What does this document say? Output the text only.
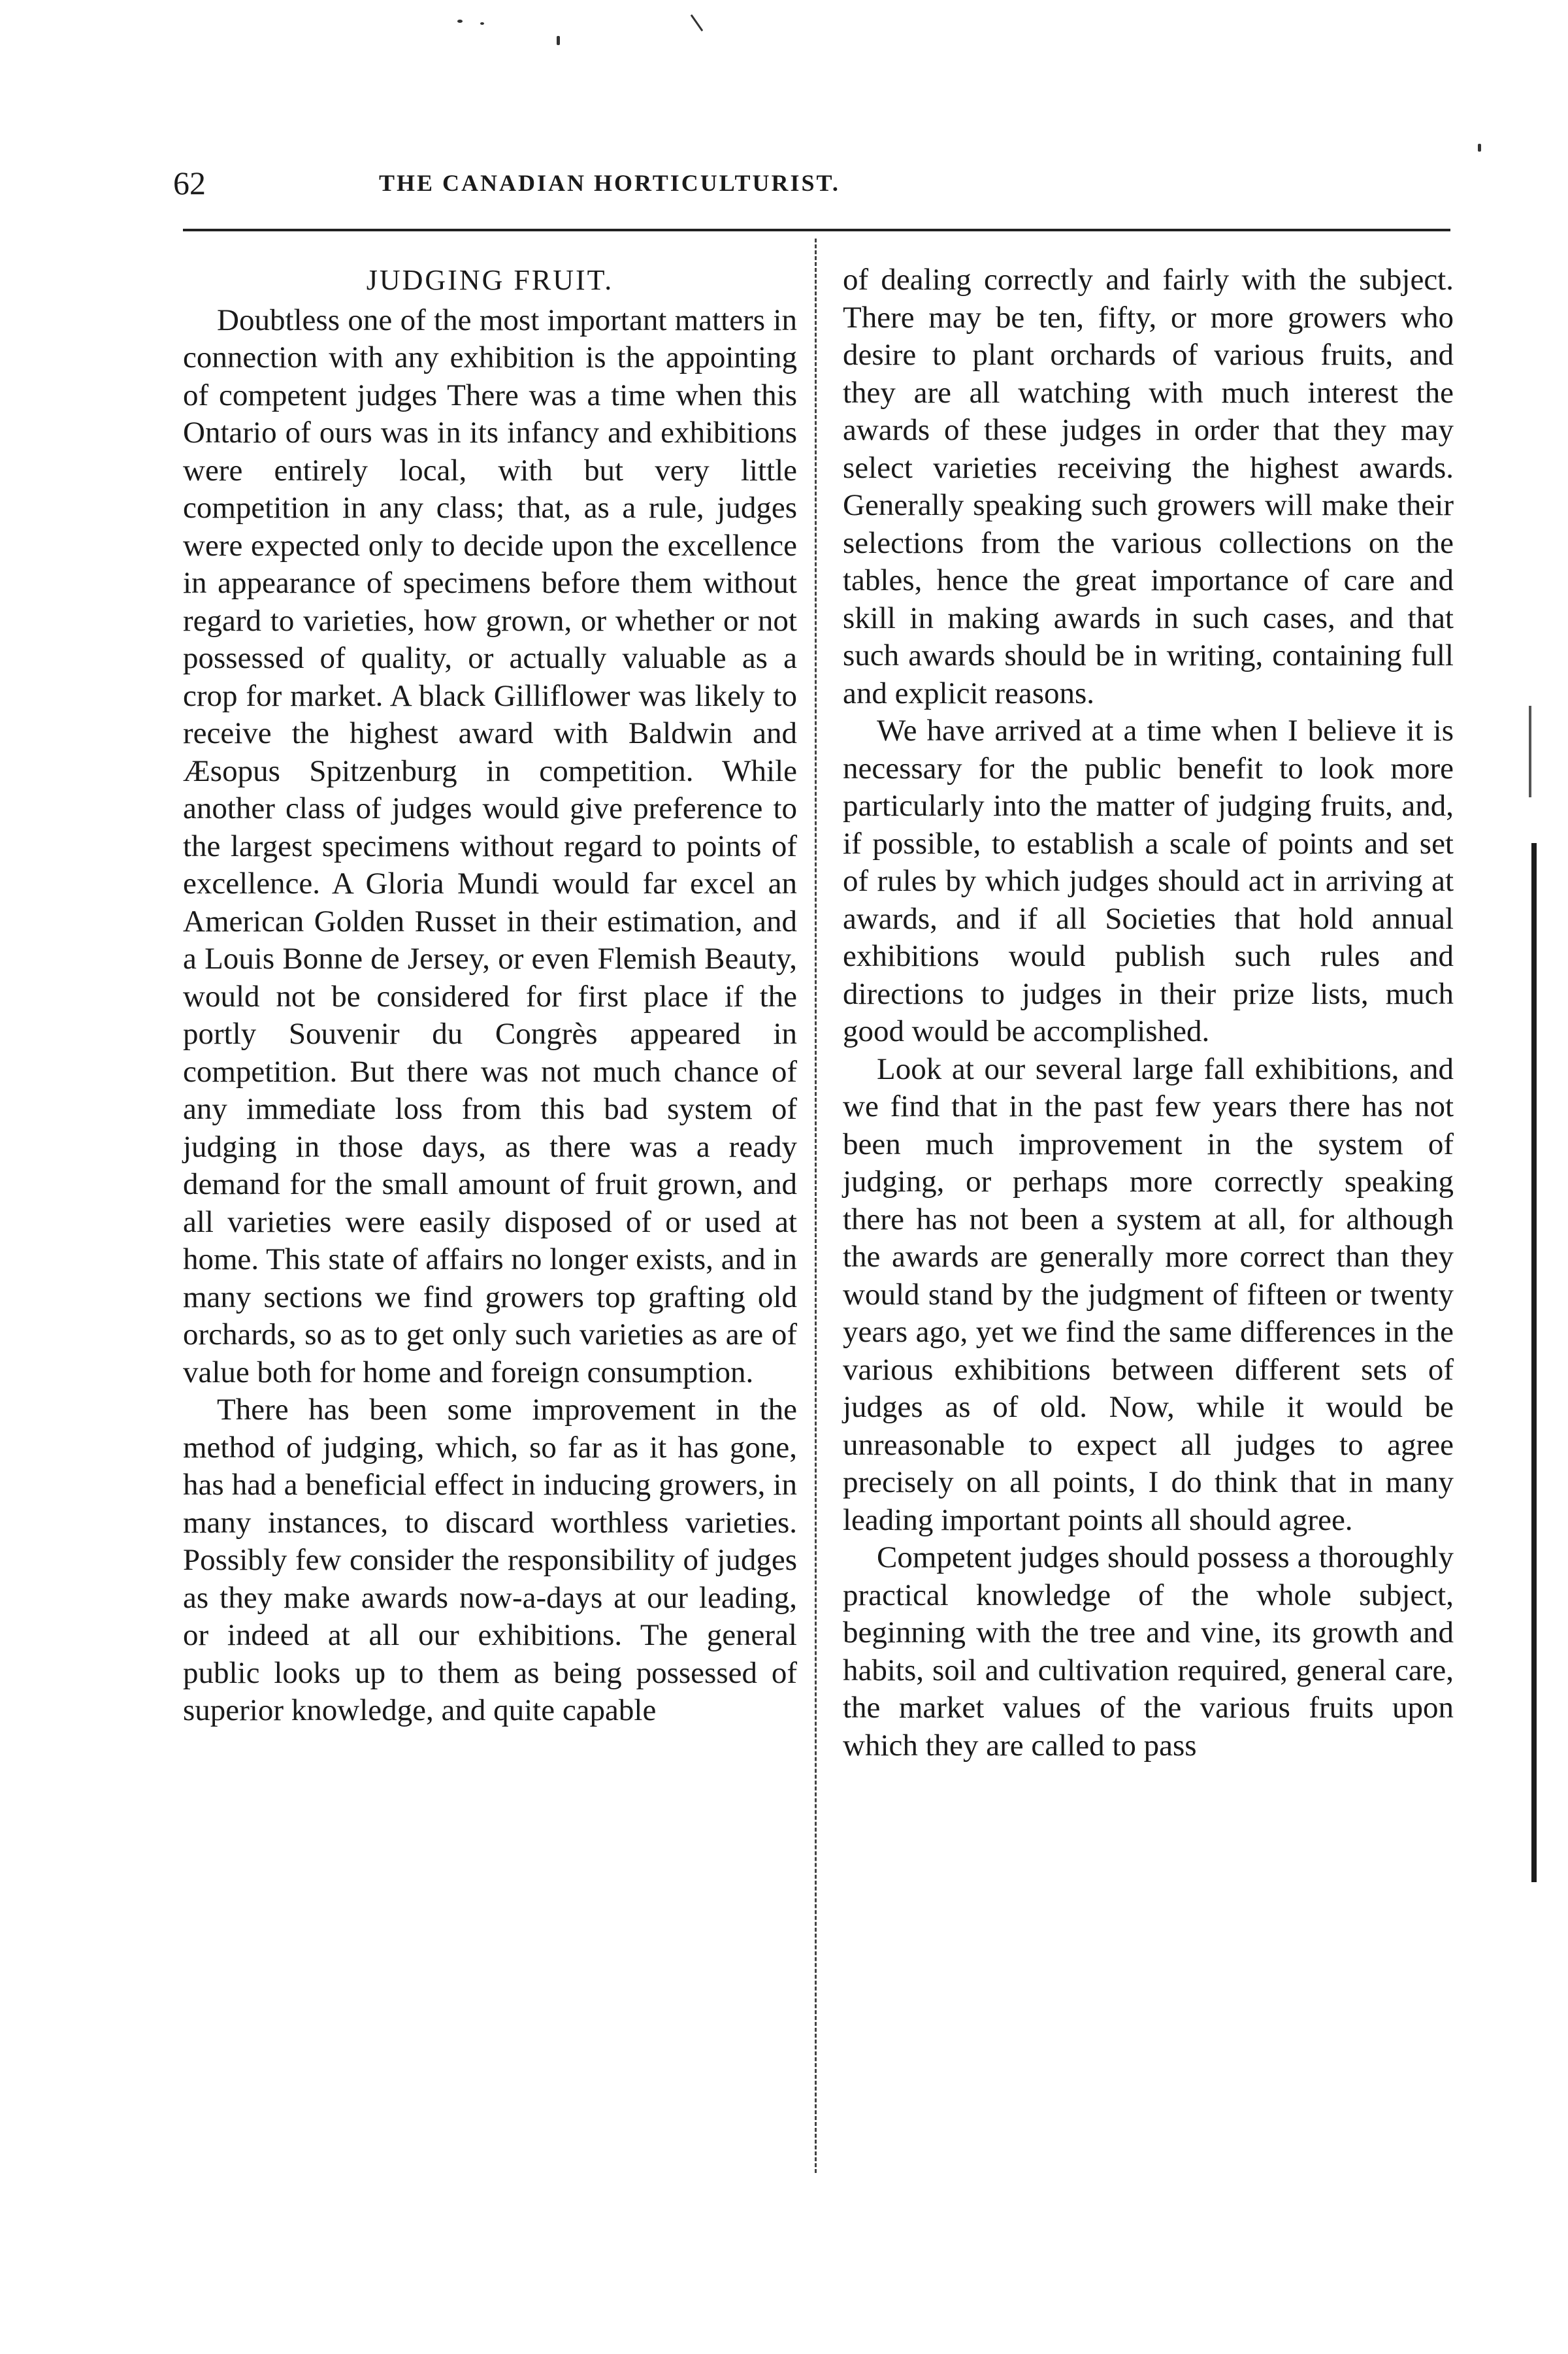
62	THE CANADIAN HORTICULTURIST.
JUDGING FRUIT.

Doubtless one of the most important matters in connection with any exhibition is the appointing of competent judges There was a time when this Ontario of ours was in its infancy and exhibitions were entirely local, with but very little competition in any class; that, as a rule, judges were expected only to decide upon the excellence in appearance of specimens before them without regard to varieties, how grown, or whether or not possessed of quality, or actually valuable as a crop for market. A black Gilliflower was likely to receive the highest award with Baldwin and Æsopus Spitzenburg in competition. While another class of judges would give preference to the largest specimens without regard to points of excellence. A Gloria Mundi would far excel an American Golden Russet in their estimation, and a Louis Bonne de Jersey, or even Flemish Beauty, would not be considered for first place if the portly Souvenir du Congrès appeared in competition. But there was not much chance of any immediate loss from this bad system of judging in those days, as there was a ready demand for the small amount of fruit grown, and all varieties were easily disposed of or used at home. This state of affairs no longer exists, and in many sections we find growers top grafting old orchards, so as to get only such varieties as are of value both for home and foreign consumption.

There has been some improvement in the method of judging, which, so far as it has gone, has had a beneficial effect in inducing growers, in many instances, to discard worthless varieties. Possibly few consider the responsibility of judges as they make awards now-a-days at our leading, or indeed at all our exhibitions. The general public looks up to them as being possessed of superior knowledge, and quite capable

of dealing correctly and fairly with the subject. There may be ten, fifty, or more growers who desire to plant orchards of various fruits, and they are all watching with much interest the awards of these judges in order that they may select varieties receiving the highest awards. Generally speaking such growers will make their selections from the various collections on the tables, hence the great importance of care and skill in making awards in such cases, and that such awards should be in writing, containing full and explicit reasons.

We have arrived at a time when I believe it is necessary for the public benefit to look more particularly into the matter of judging fruits, and, if possible, to establish a scale of points and set of rules by which judges should act in arriving at awards, and if all Societies that hold annual exhibitions would publish such rules and directions to judges in their prize lists, much good would be accomplished.

Look at our several large fall exhibitions, and we find that in the past few years there has not been much improvement in the system of judging, or perhaps more correctly speaking there has not been a system at all, for although the awards are generally more correct than they would stand by the judgment of fifteen or twenty years ago, yet we find the same differences in the various exhibitions between different sets of judges as of old. Now, while it would be unreasonable to expect all judges to agree precisely on all points, I do think that in many leading important points all should agree.

Competent judges should possess a thoroughly practical knowledge of the whole subject, beginning with the tree and vine, its growth and habits, soil and cultivation required, general care, the market values of the various fruits upon which they are called to pass
